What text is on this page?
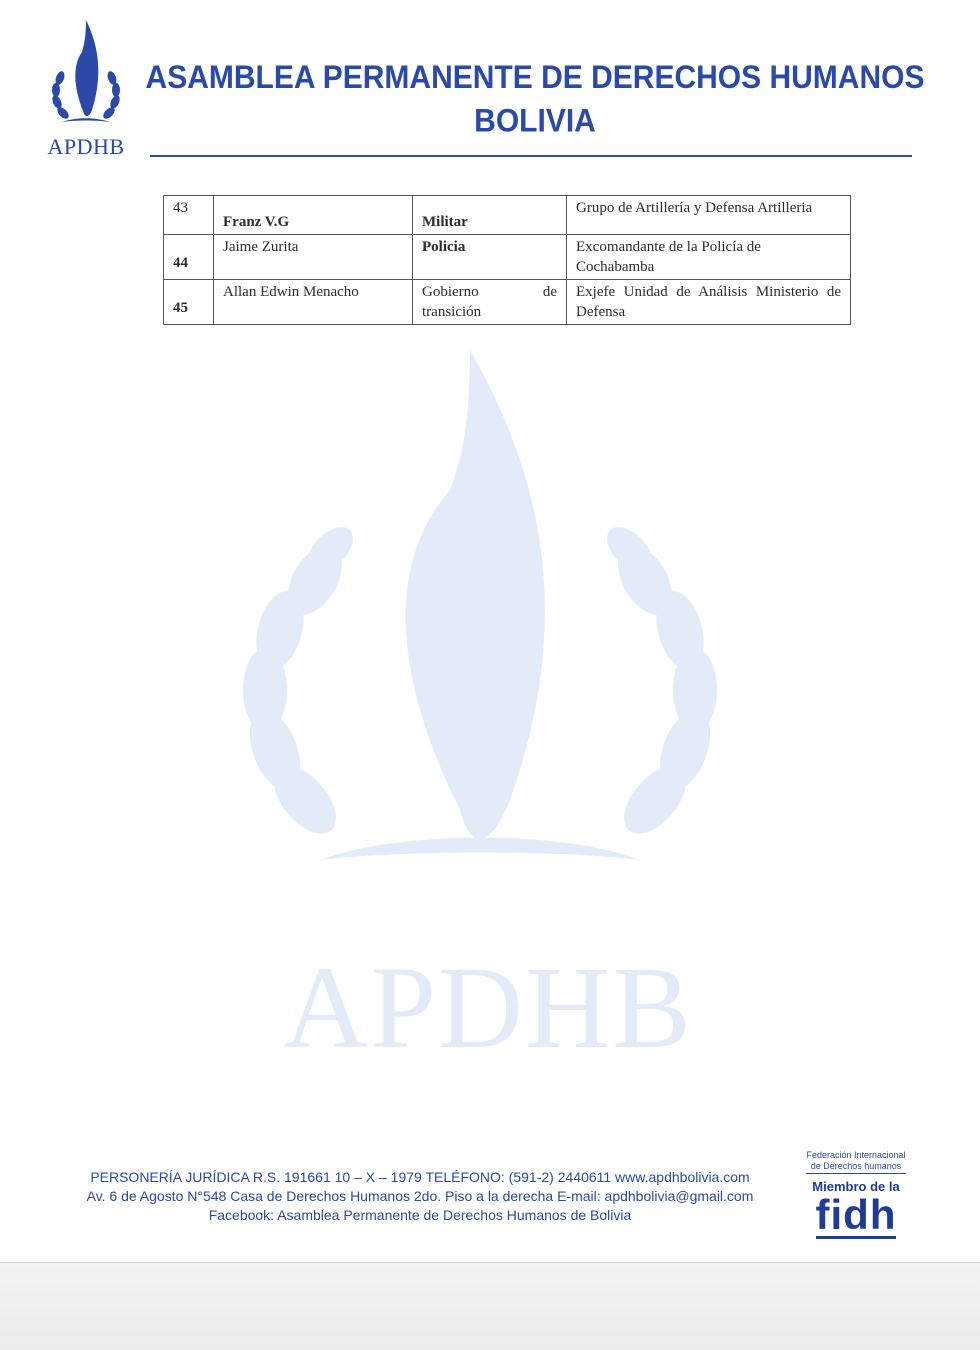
APDHB
APDHB
ASAMBLEA PERMANENTE DE DERECHOS HUMANOS
BOLIVIA
43	Franz V.G	Militar	Grupo de Artillería y Defensa Artilleria

44	Jaime Zurita	Policia	Excomandante de la Policía de Cochabamba

45	Allan Edwin Menacho	Gobierno de transición	Exjefe Unidad de Análisis Ministerio de Defensa
PERSONERÍA JURÍDICA R.S. 191661 10 – X – 1979 TELÉFONO: (591-2) 2440611 www.apdhbolivia.com
Av. 6 de Agosto N°548 Casa de Derechos Humanos 2do. Piso a la derecha E-mail: apdhbolivia@gmail.com
Facebook: Asamblea Permanente de Derechos Humanos de Bolivia
Federación Internacional
de Derechos humanos
Miembro de la
fidh
